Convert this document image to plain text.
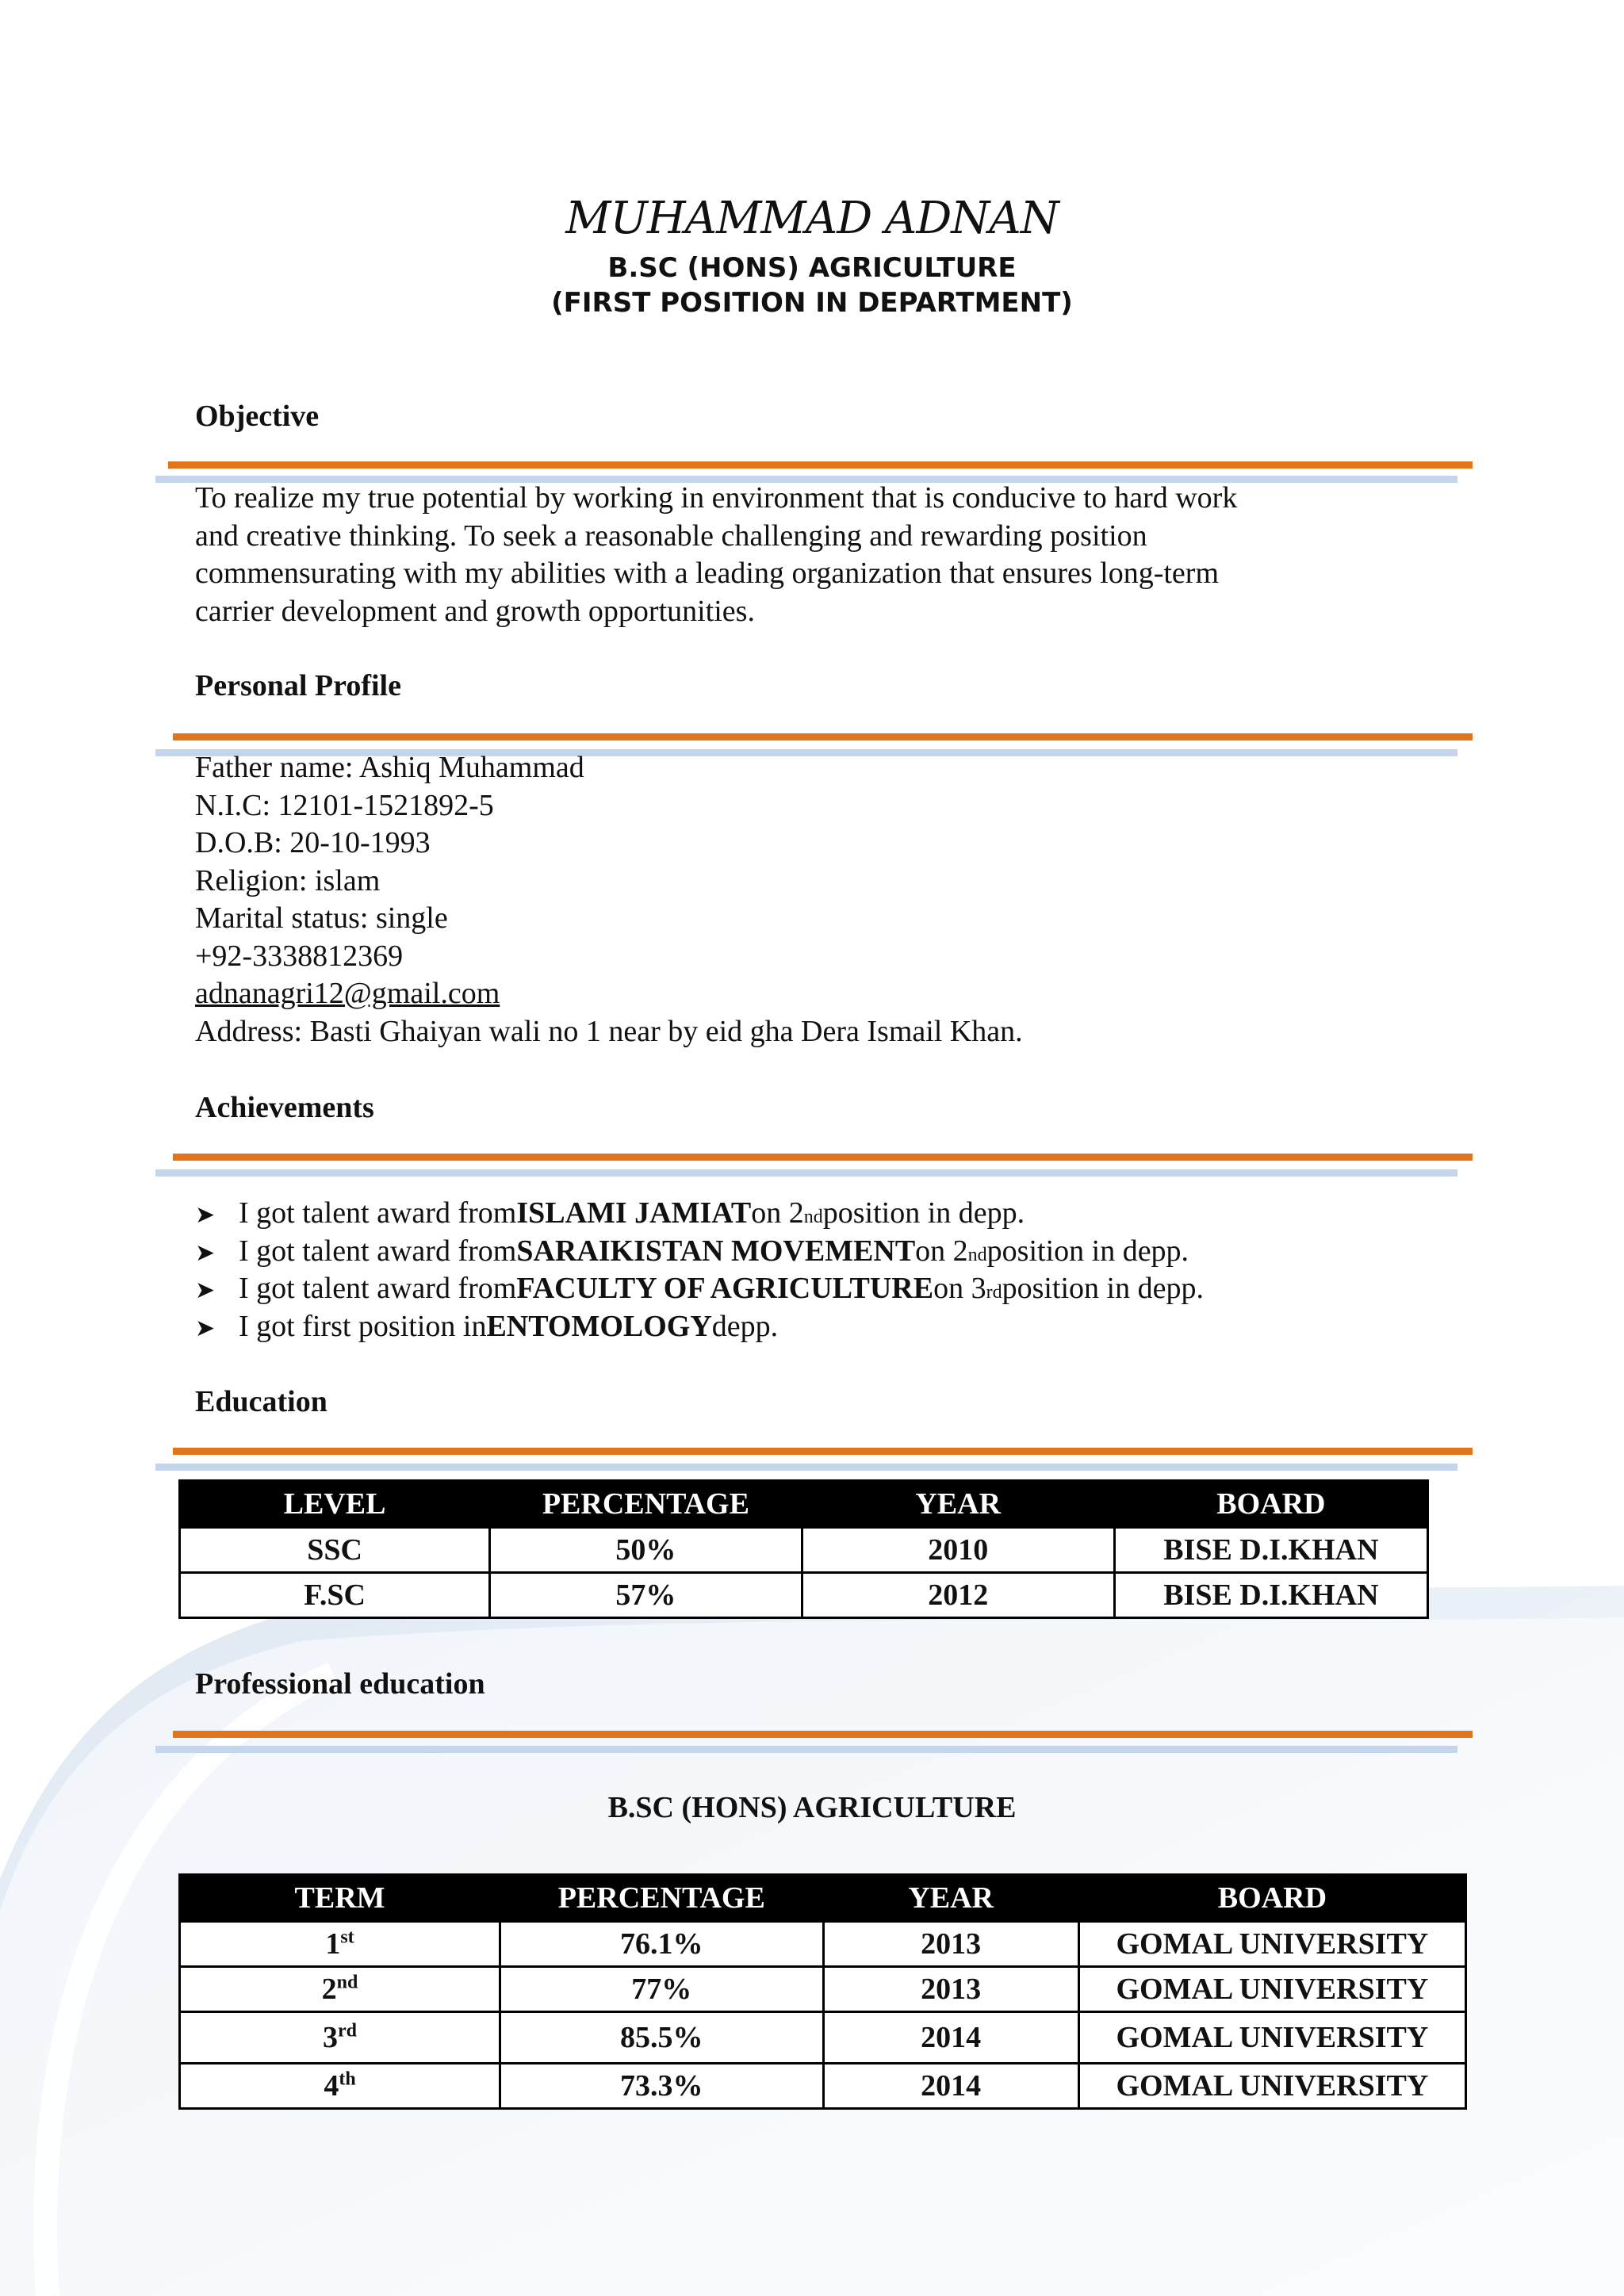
MUHAMMAD ADNAN
B.SC (HONS) AGRICULTURE
(FIRST POSITION IN DEPARTMENT)
Objective
To realize my true potential by working in environment that is conducive to hard work
and creative thinking. To seek a reasonable challenging and rewarding position
commensurating with my abilities with a leading organization that ensures long-term
carrier development and growth opportunities.
Personal Profile
Father name: Ashiq Muhammad
N.I.C: 12101-1521892-5
D.O.B: 20-10-1993
Religion: islam
Marital status: single
+92-3338812369
adnanagri12@gmail.com
Address: Basti Ghaiyan wali no 1 near by eid gha Dera Ismail Khan.
Achievements
➤ I got talent award from ISLAMI JAMIAT on 2 nd position in depp.
➤ I got talent award from SARAIKISTAN MOVEMENT on 2 nd position in depp.
➤ I got talent award from FACULTY OF AGRICULTURE on 3 rd position in depp.
➤ I got first position in ENTOMOLOGY depp.
Education
LEVEL	PERCENTAGE	YEAR	BOARD
SSC	50%	2010	BISE D.I.KHAN
F.SC	57%	2012	BISE D.I.KHAN
Professional education
B.SC (HONS) AGRICULTURE
TERM	PERCENTAGE	YEAR	BOARD
1st	76.1%	2013	GOMAL UNIVERSITY
2nd	77%	2013	GOMAL UNIVERSITY
3rd	85.5%	2014	GOMAL UNIVERSITY
4th	73.3%	2014	GOMAL UNIVERSITY
